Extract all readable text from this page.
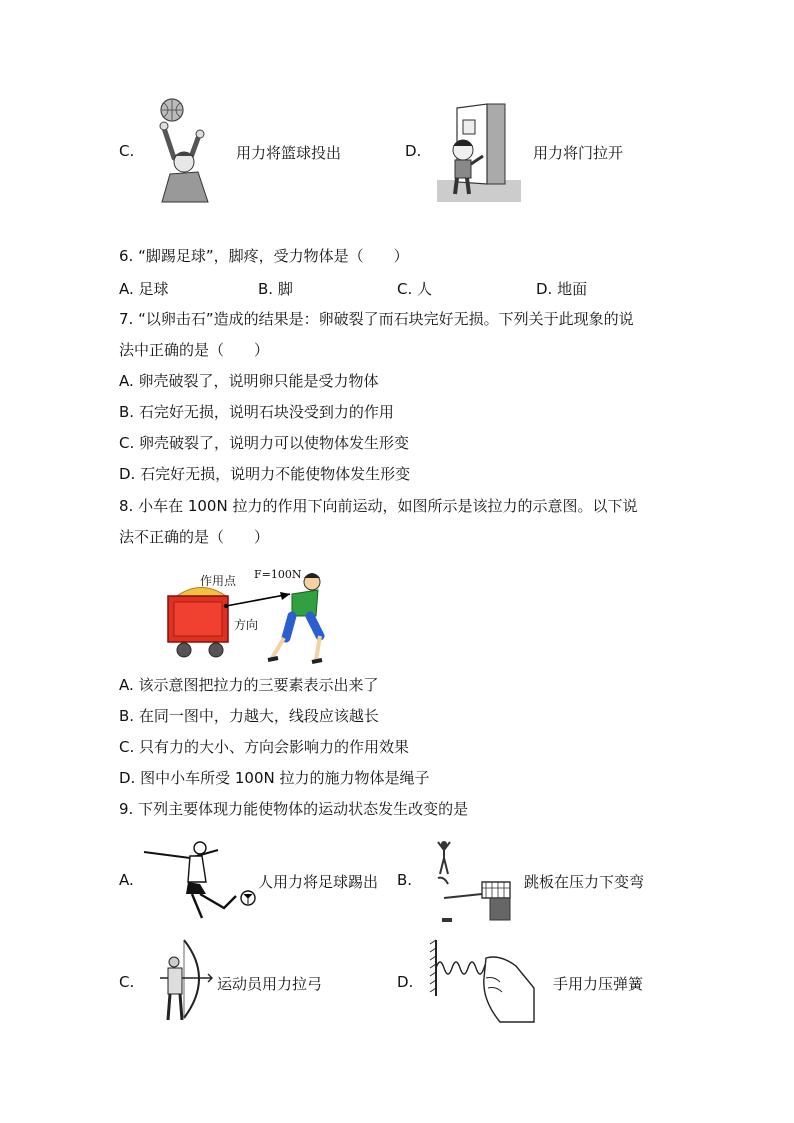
C.	用力将篮球投出	D.	用力将门拉开
6. “脚踢足球”，脚疼，受力物体是（　　）
A. 足球	B. 脚	C. 人	D. 地面
7. “以卵击石”造成的结果是：卵破裂了而石块完好无损。下列关于此现象的说
法中正确的是（　　）
A. 卵壳破裂了，说明卵只能是受力物体
B. 石完好无损，说明石块没受到力的作用
C. 卵壳破裂了，说明力可以使物体发生形变
D. 石完好无损，说明力不能使物体发生形变
8. 小车在 100N 拉力的作用下向前运动，如图所示是该拉力的示意图。以下说
法不正确的是（　　）
作用点 F=100N
方向
A. 该示意图把拉力的三要素表示出来了
B. 在同一图中，力越大，线段应该越长
C. 只有力的大小、方向会影响力的作用效果
D. 图中小车所受 100N 拉力的施力物体是绳子
9. 下列主要体现力能使物体的运动状态发生改变的是
A.	人用力将足球踢出 B.	跳板在压力下变弯
C.	运动员用力拉弓	D.	手用力压弹簧
